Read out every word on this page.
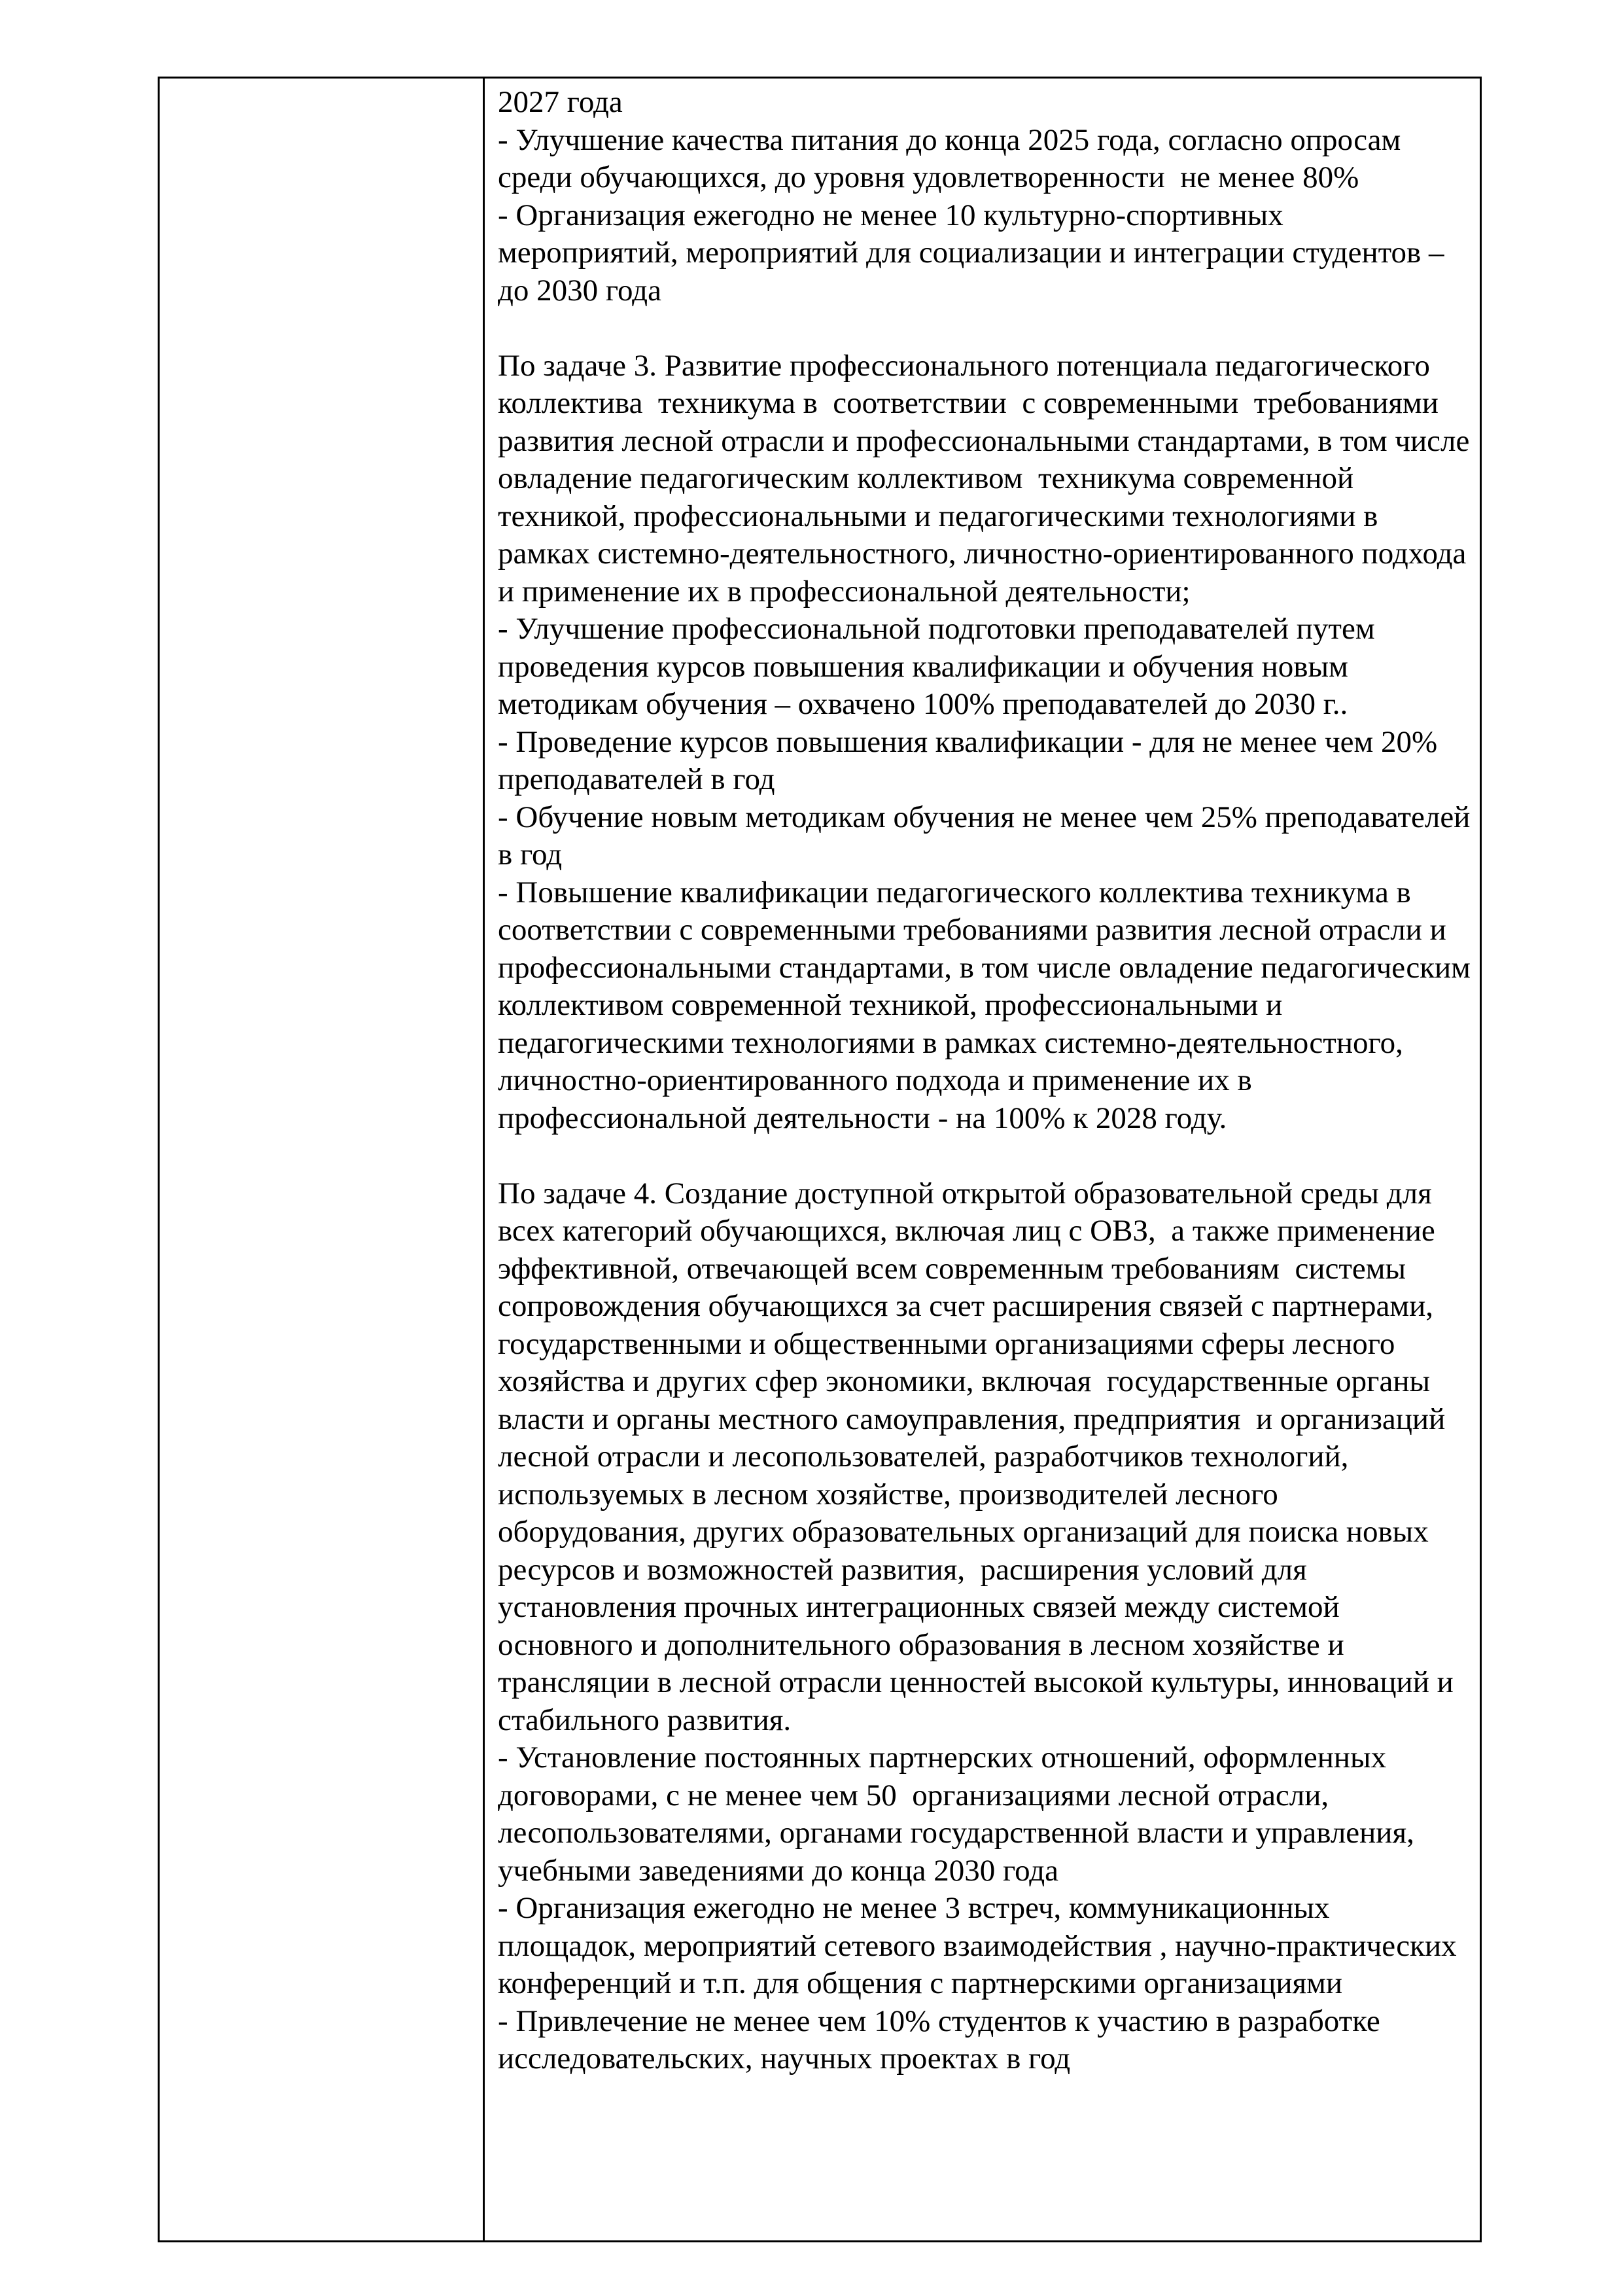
2027 года

- Улучшение качества питания до конца 2025 года, согласно опросам среди обучающихся, до уровня удовлетворенности  не менее 80%

- Организация ежегодно не менее 10 культурно-спортивных мероприятий, мероприятий для социализации и интеграции студентов – до 2030 года

По задаче 3. Развитие профессионального потенциала педагогического коллектива  техникума в  соответствии  с современными  требованиями  развития лесной отрасли и профессиональными стандартами, в том числе овладение педагогическим коллективом  техникума современной техникой, профессиональными и педагогическими технологиями в рамках системно-деятельностного, личностно-ориентированного подхода и применение их в профессиональной деятельности;

- Улучшение профессиональной подготовки преподавателей путем проведения курсов повышения квалификации и обучения новым методикам обучения – охвачено 100% преподавателей до 2030 г..

- Проведение курсов повышения квалификации - для не менее чем 20% преподавателей в год

- Обучение новым методикам обучения не менее чем 25% преподавателей в год

- Повышение квалификации педагогического коллектива техникума в соответствии с современными требованиями развития лесной отрасли и профессиональными стандартами, в том числе овладение педагогическим коллективом современной техникой, профессиональными и педагогическими технологиями в рамках системно-деятельностного, личностно-ориентированного подхода и применение их в профессиональной деятельности - на 100% к 2028 году.

По задаче 4. Создание доступной открытой образовательной среды для всех категорий обучающихся, включая лиц с ОВЗ,  а также применение эффективной, отвечающей всем современным требованиям  системы сопровождения обучающихся за счет расширения связей с партнерами, государственными и общественными организациями сферы лесного хозяйства и других сфер экономики, включая  государственные органы власти и органы местного самоуправления, предприятия  и организаций лесной отрасли и лесопользователей, разработчиков технологий, используемых в лесном хозяйстве, производителей лесного оборудования, других образовательных организаций для поиска новых ресурсов и возможностей развития,  расширения условий для установления прочных интеграционных связей между системой основного и дополнительного образования в лесном хозяйстве и трансляции в лесной отрасли ценностей высокой культуры, инноваций и стабильного развития.

- Установление постоянных партнерских отношений, оформленных договорами, с не менее чем 50  организациями лесной отрасли, лесопользователями, органами государственной власти и управления, учебными заведениями до конца 2030 года

- Организация ежегодно не менее 3 встреч, коммуникационных площадок, мероприятий сетевого взаимодействия , научно-практических конференций и т.п. для общения с партнерскими организациями

- Привлечение не менее чем 10% студентов к участию в разработке исследовательских, научных проектах в год
